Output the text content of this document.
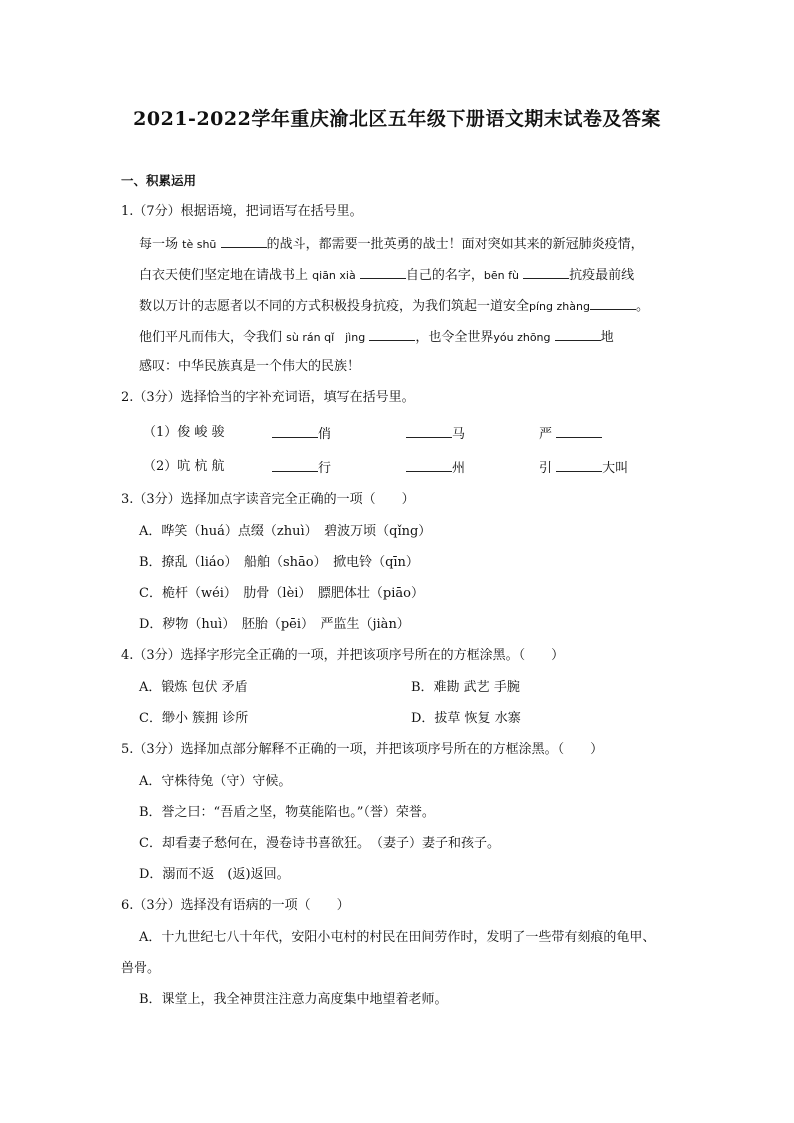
2021-2022学年重庆渝北区五年级下册语文期末试卷及答案
一、积累运用
1.（7分）根据语境，把词语写在括号里。
每一场 tè shū	的战斗，都需要一批英勇的战士！面对突如其来的新冠肺炎疫情，
白衣天使们坚定地在请战书上 qiān xià	自己的名字，bēn fù	抗疫最前线
数以万计的志愿者以不同的方式积极投身抗疫，为我们筑起一道安全píng zhàng	。
他们平凡而伟大，令我们 sù rán qǐ　jìng	，也令全世界yóu zhōng	地
感叹：中华民族真是一个伟大的民族！
2.（3分）选择恰当的字补充词语，填写在括号里。
（1）俊 峻 骏	俏	马	严
（2）吭 杭 航	行	州	引	大叫
3.（3分）选择加点字读音完全正确的一项（　　）
A．哗笑（huá）点缀（zhuì）　碧波万顷（qǐng）
B．撩乱（liáo）　船舶（shāo）　掀电铃（qīn）
C．桅杆（wéi）　肋骨（lèi）　膘肥体壮（piāo）
D．秽物（huì）　胚胎（pēi）　严监生（jiàn）
4.（3分）选择字形完全正确的一项，并把该项序号所在的方框涂黑。（　　）
A．锻炼 包伏 矛盾	B．难勘 武艺 手腕
C．缈小 簇拥 诊所	D．拔草 恢复 水寨
5.（3分）选择加点部分解释不正确的一项，并把该项序号所在的方框涂黑。（　　）
A．守株待兔（守）守候。
B．誉之曰：“吾盾之坚，物莫能陷也。”（誉）荣誉。
C．却看妻子愁何在，漫卷诗书喜欲狂。　（妻子）妻子和孩子。
D．溺而不返　(返)返回。
6.（3分）选择没有语病的一项（　　）
A．十九世纪七八十年代，安阳小屯村的村民在田间劳作时，发明了一些带有刻痕的龟甲、
兽骨。
B．课堂上，我全神贯注注意力高度集中地望着老师。
